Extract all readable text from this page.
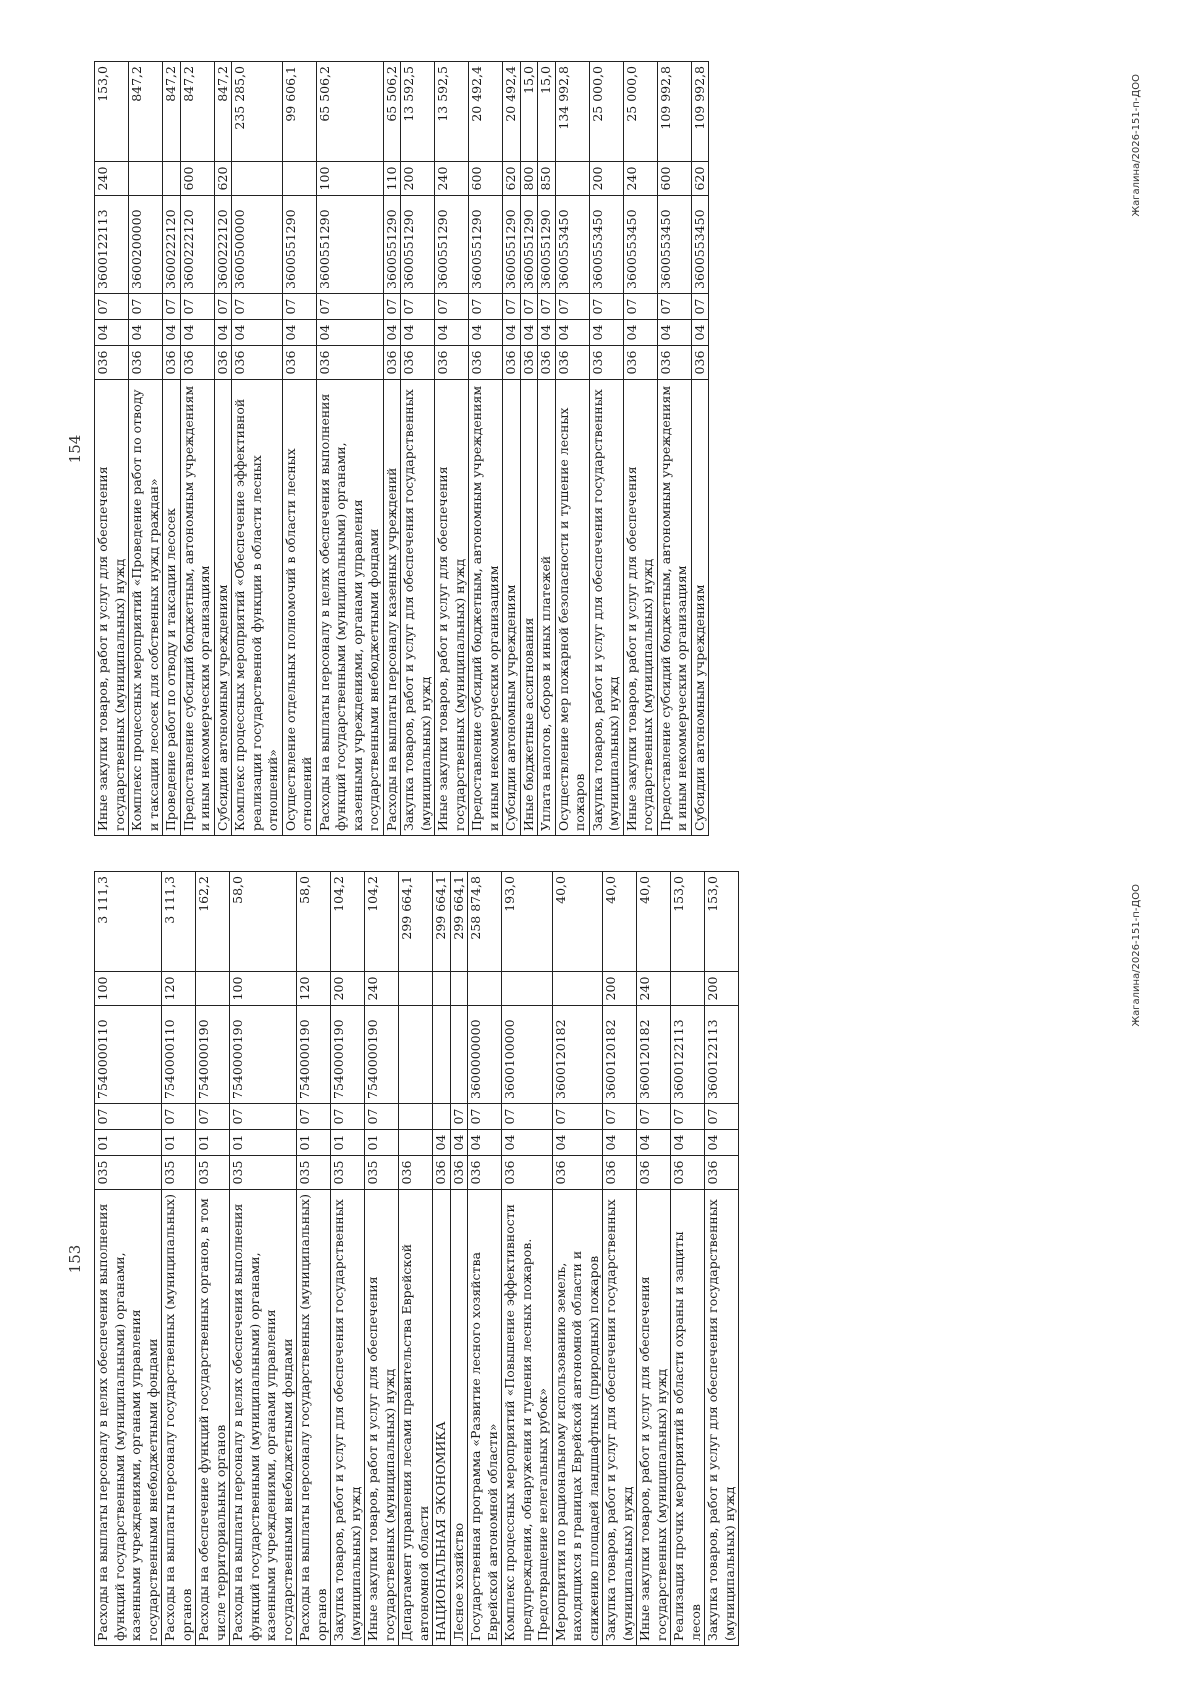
153 Расходы на выплаты персоналу в целях обеспечения выполнения функций государственными (муниципальными) органами, казенными учреждениями, органами управления государственными внебюджетными фондами	035	01	07	7540000110	100	3 111,3
Расходы на выплаты персоналу государственных (муниципальных) органов	035	01	07	7540000110	120	3 111,3
Расходы на обеспечение функций государственных органов, в том числе территориальных органов	035	01	07	7540000190		162,2
Расходы на выплаты персоналу в целях обеспечения выполнения функций государственными (муниципальными) органами, казенными учреждениями, органами управления государственными внебюджетными фондами	035	01	07	7540000190	100	58,0
Расходы на выплаты персоналу государственных (муниципальных) органов	035	01	07	7540000190	120	58,0
Закупка товаров, работ и услуг для обеспечения государственных (муниципальных) нужд	035	01	07	7540000190	200	104,2
Иные закупки товаров, работ и услуг для обеспечения государственных (муниципальных) нужд	035	01	07	7540000190	240	104,2
Департамент управления лесами правительства Еврейской автономной области	036					299 664,1
НАЦИОНАЛЬНАЯ ЭКОНОМИКА	036	04				299 664,1
Лесное хозяйство	036	04	07			299 664,1
Государственная программа «Развитие лесного хозяйства Еврейской автономной области»	036	04	07	3600000000		258 874,8
Комплекс процессных мероприятий «Повышение эффективности предупреждения, обнаружения и тушения лесных пожаров. Предотвращение нелегальных рубок»	036	04	07	3600100000		193,0
Мероприятия по рациональному использованию земель, находящихся в границах Еврейской автономной области и снижению площадей ландшафтных (природных) пожаров	036	04	07	3600120182		40,0
Закупка товаров, работ и услуг для обеспечения государственных (муниципальных) нужд	036	04	07	3600120182	200	40,0
Иные закупки товаров, работ и услуг для обеспечения государственных (муниципальных) нужд	036	04	07	3600120182	240	40,0
Реализация прочих мероприятий в области охраны и защиты лесов	036	04	07	3600122113		153,0
Закупка товаров, работ и услуг для обеспечения государственных (муниципальных) нужд	036	04	07	3600122113	200	153,0	Жагалина/2026-151-п-ДОО
154
Иные закупки товаров, работ и услуг для обеспечения государственных (муниципальных) нужд	036	04	07	3600122113	240	153,0
Комплекс процессных мероприятий «Проведение работ по отводу и таксации лесосек для собственных нужд граждан»	036	04	07	3600200000		847,2
Проведение работ по отводу и таксации лесосек	036	04	07	3600222120		847,2
Предоставление субсидий бюджетным, автономным учреждениям и иным некоммерческим организациям	036	04	07	3600222120	600	847,2
Субсидии автономным учреждениям	036	04	07	3600222120	620	847,2
Комплекс процессных мероприятий «Обеспечение эффективной реализации государственной функции в области лесных отношений»	036	04	07	3600500000		235 285,0
Осуществление отдельных полномочий в области лесных отношений	036	04	07	3600551290		99 606,1
Расходы на выплаты персоналу в целях обеспечения выполнения функций государственными (муниципальными) органами, казенными учреждениями, органами управления государственными внебюджетными фондами	036	04	07	3600551290	100	65 506,2
Расходы на выплаты персоналу казенных учреждений	036	04	07	3600551290	110	65 506,2
Закупка товаров, работ и услуг для обеспечения государственных (муниципальных) нужд	036	04	07	3600551290	200	13 592,5
Иные закупки товаров, работ и услуг для обеспечения государственных (муниципальных) нужд	036	04	07	3600551290	240	13 592,5
Предоставление субсидий бюджетным, автономным учреждениям и иным некоммерческим организациям	036	04	07	3600551290	600	20 492,4
Субсидии автономным учреждениям	036	04	07	3600551290	620	20 492,4
Иные бюджетные ассигнования	036	04	07	3600551290	800	15,0
Уплата налогов, сборов и иных платежей	036	04	07	3600551290	850	15,0
Осуществление мер пожарной безопасности и тушение лесных пожаров	036	04	07	3600553450		134 992,8
Закупка товаров, работ и услуг для обеспечения государственных (муниципальных) нужд	036	04	07	3600553450	200	25 000,0
Иные закупки товаров, работ и услуг для обеспечения государственных (муниципальных) нужд	036	04	07	3600553450	240	25 000,0
Предоставление субсидий бюджетным, автономным учреждениям и иным некоммерческим организациям	036	04	07	3600553450	600	109 992,8
Субсидии автономным учреждениям	036	04	07	3600553450	620	109 992,8	Жагалина/2026-151-п-ДОО
